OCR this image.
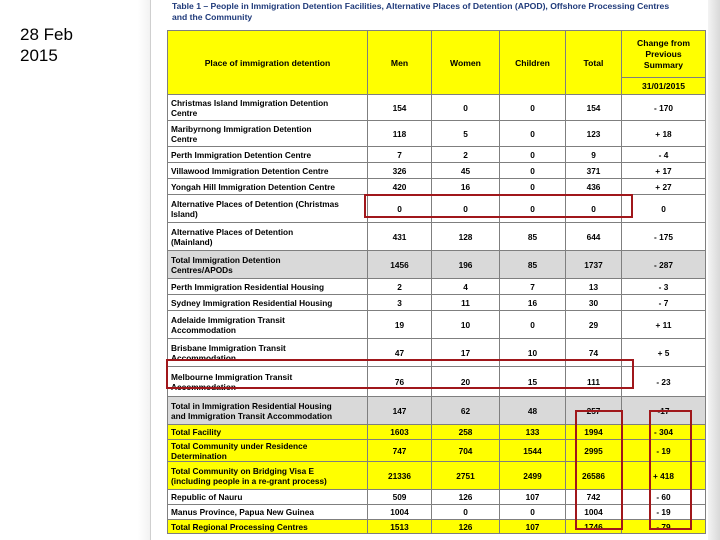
28 Feb
2015
Table 1 – People in Immigration Detention Facilities, Alternative Places of Detention (APOD), Offshore Processing Centres
and the Community
Place of immigration detention	Men	Women	Children	Total	Change from
Previous
Summary
31/01/2015

Christmas Island Immigration Detention
Centre	154	0	0	154	- 170

Maribyrnong Immigration Detention
Centre	118	5	0	123	+ 18

Perth Immigration Detention Centre	7	2	0	9	- 4

Villawood Immigration Detention Centre	326	45	0	371	+ 17

Yongah Hill Immigration Detention Centre	420	16	0	436	+ 27

Alternative Places of Detention (Christmas
Island)	0	0	0	0	0

Alternative Places of Detention
(Mainland)	431	128	85	644	- 175

Total Immigration Detention
Centres/APODs	1456	196	85	1737	- 287

Perth Immigration Residential Housing	2	4	7	13	- 3

Sydney Immigration Residential Housing	3	11	16	30	- 7

Adelaide Immigration Transit
Accommodation	19	10	0	29	+ 11

Brisbane Immigration Transit
Accommodation	47	17	10	74	+ 5

Melbourne Immigration Transit
Accommodation	76	20	15	111	- 23

Total in Immigration Residential Housing
and Immigration Transit Accommodation	147	62	48	257	-17

Total Facility	1603	258	133	1994	- 304

Total Community under Residence
Determination	747	704	1544	2995	- 19

Total Community on Bridging Visa E
(including people in a re-grant process)	21336	2751	2499	26586	+ 418

Republic of Nauru	509	126	107	742	- 60

Manus Province, Papua New Guinea	1004	0	0	1004	- 19

Total Regional Processing Centres	1513	126	107	1746	- 79
